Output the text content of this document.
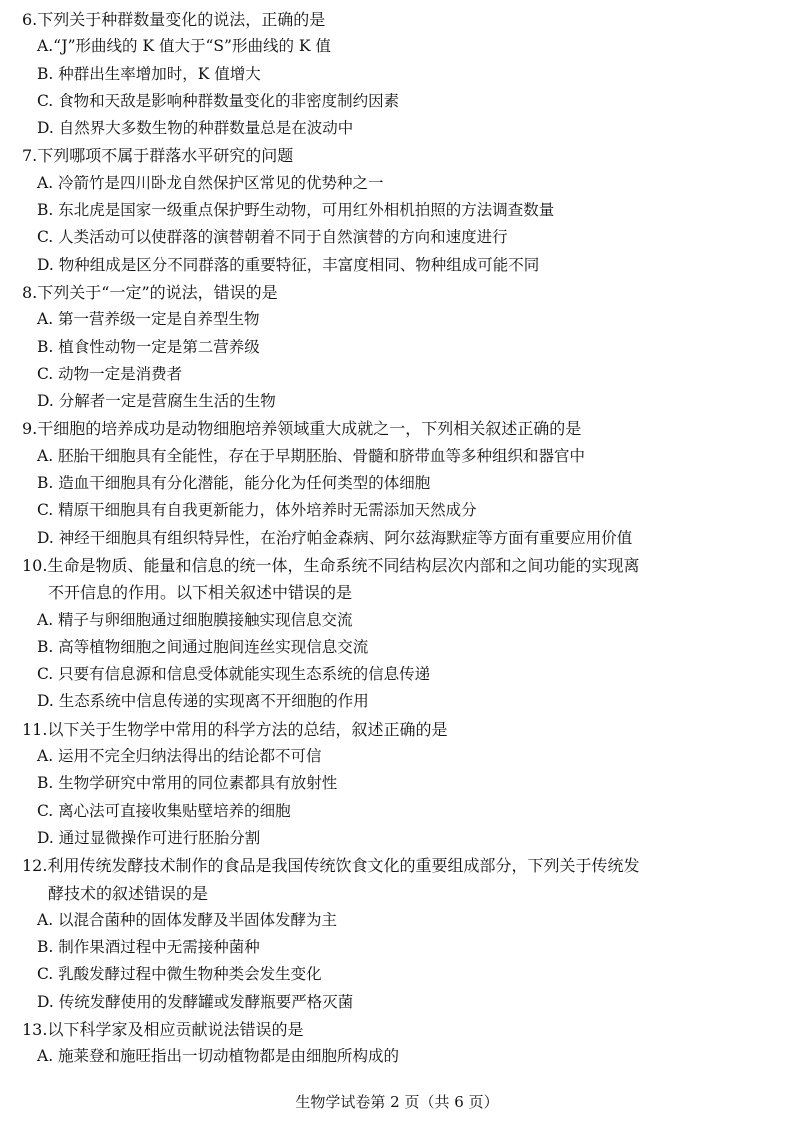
6.下列关于种群数量变化的说法，正确的是
A.“J”形曲线的 K 值大于“S”形曲线的 K 值
B. 种群出生率增加时，K 值增大
C. 食物和天敌是影响种群数量变化的非密度制约因素
D. 自然界大多数生物的种群数量总是在波动中
7.下列哪项不属于群落水平研究的问题
A. 冷箭竹是四川卧龙自然保护区常见的优势种之一
B. 东北虎是国家一级重点保护野生动物，可用红外相机拍照的方法调查数量
C. 人类活动可以使群落的演替朝着不同于自然演替的方向和速度进行
D. 物种组成是区分不同群落的重要特征，丰富度相同、物种组成可能不同
8.下列关于“一定”的说法，错误的是
A. 第一营养级一定是自养型生物
B. 植食性动物一定是第二营养级
C. 动物一定是消费者
D. 分解者一定是营腐生生活的生物
9.干细胞的培养成功是动物细胞培养领域重大成就之一，下列相关叙述正确的是
A. 胚胎干细胞具有全能性，存在于早期胚胎、骨髓和脐带血等多种组织和器官中
B. 造血干细胞具有分化潜能，能分化为任何类型的体细胞
C. 精原干细胞具有自我更新能力，体外培养时无需添加天然成分
D. 神经干细胞具有组织特异性，在治疗帕金森病、阿尔兹海默症等方面有重要应用价值
10.生命是物质、能量和信息的统一体，生命系统不同结构层次内部和之间功能的实现离
不开信息的作用。以下相关叙述中错误的是
A. 精子与卵细胞通过细胞膜接触实现信息交流
B. 高等植物细胞之间通过胞间连丝实现信息交流
C. 只要有信息源和信息受体就能实现生态系统的信息传递
D. 生态系统中信息传递的实现离不开细胞的作用
11.以下关于生物学中常用的科学方法的总结，叙述正确的是
A. 运用不完全归纳法得出的结论都不可信
B. 生物学研究中常用的同位素都具有放射性
C. 离心法可直接收集贴壁培养的细胞
D. 通过显微操作可进行胚胎分割
12.利用传统发酵技术制作的食品是我国传统饮食文化的重要组成部分，下列关于传统发
酵技术的叙述错误的是
A. 以混合菌种的固体发酵及半固体发酵为主
B. 制作果酒过程中无需接种菌种
C. 乳酸发酵过程中微生物种类会发生变化
D. 传统发酵使用的发酵罐或发酵瓶要严格灭菌
13.以下科学家及相应贡献说法错误的是
A. 施莱登和施旺指出一切动植物都是由细胞所构成的
生物学试卷第 2 页（共 6 页）
